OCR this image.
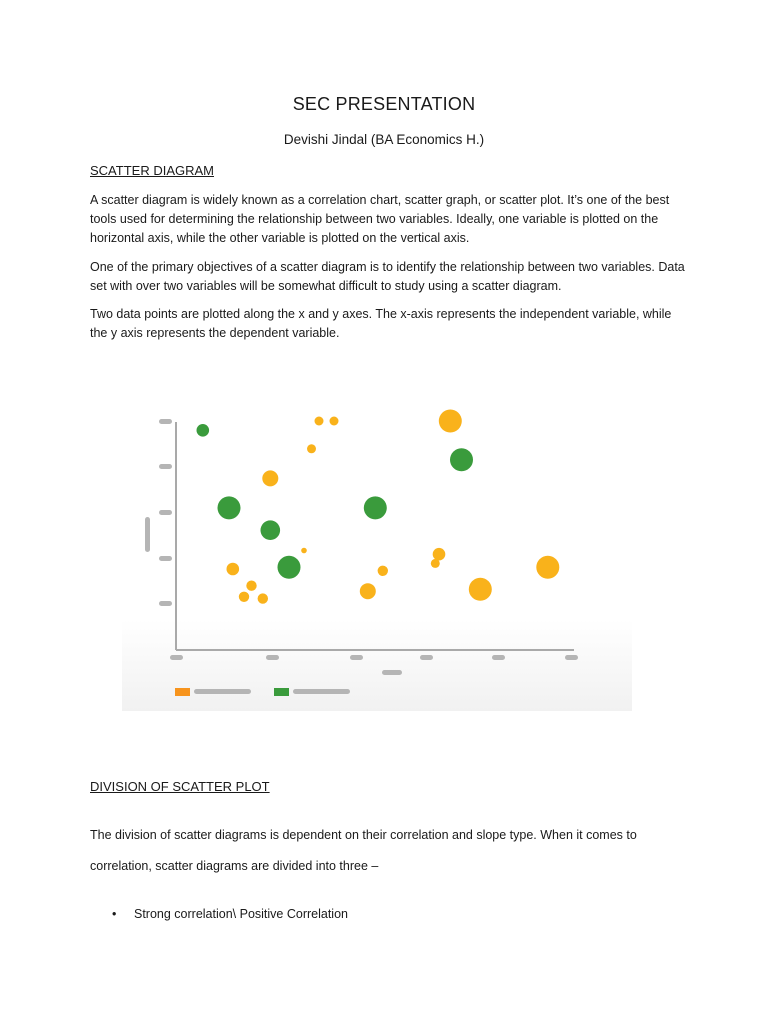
SEC PRESENTATION
Devishi Jindal (BA Economics H.)
SCATTER DIAGRAM
A scatter diagram is widely known as a correlation chart, scatter graph, or scatter plot. It’s one of the best tools used for determining the relationship between two variables. Ideally, one variable is plotted on the horizontal axis, while the other variable is plotted on the vertical axis.
One of the primary objectives of a scatter diagram is to identify the relationship between two variables. Data set with over two variables will be somewhat difficult to study using a scatter diagram.
Two data points are plotted along the x and y axes. The x-axis represents the independent variable, while the y axis represents the dependent variable.
DIVISION OF SCATTER PLOT
The division of scatter diagrams is dependent on their correlation and slope type. When it comes to
correlation, scatter diagrams are divided into three –
• Strong correlation\ Positive Correlation
